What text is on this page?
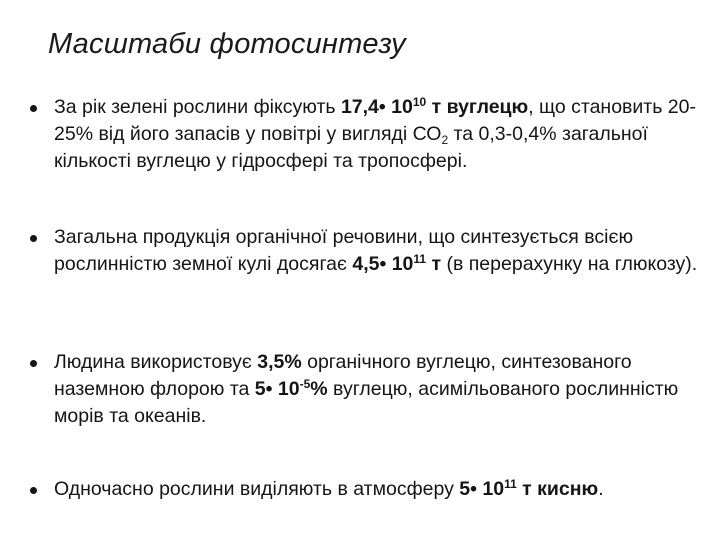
Масштаби фотосинтезу
За рік зелені рослини фіксують 17,4• $10^{10}$ т вуглецю, що становить 20-25% від його запасів у повітрі у вигляді $СО_2$ та 0,3-0,4% загальної кількості вуглецю у гідросфері та тропосфері.
Загальна продукція органічної речовини, що синтезується всією рослинністю земної кулі досягає 4,5• $10^{11}$ т (в перерахунку на глюкозу).
Людина використовує 3,5% органічного вуглецю, синтезованого наземною флорою та 5• $10^{-5}\%$ вуглецю, асимільованого рослинністю морів та океанів.
Одночасно рослини виділяють в атмосферу 5• $10^{11}$ т кисню.
